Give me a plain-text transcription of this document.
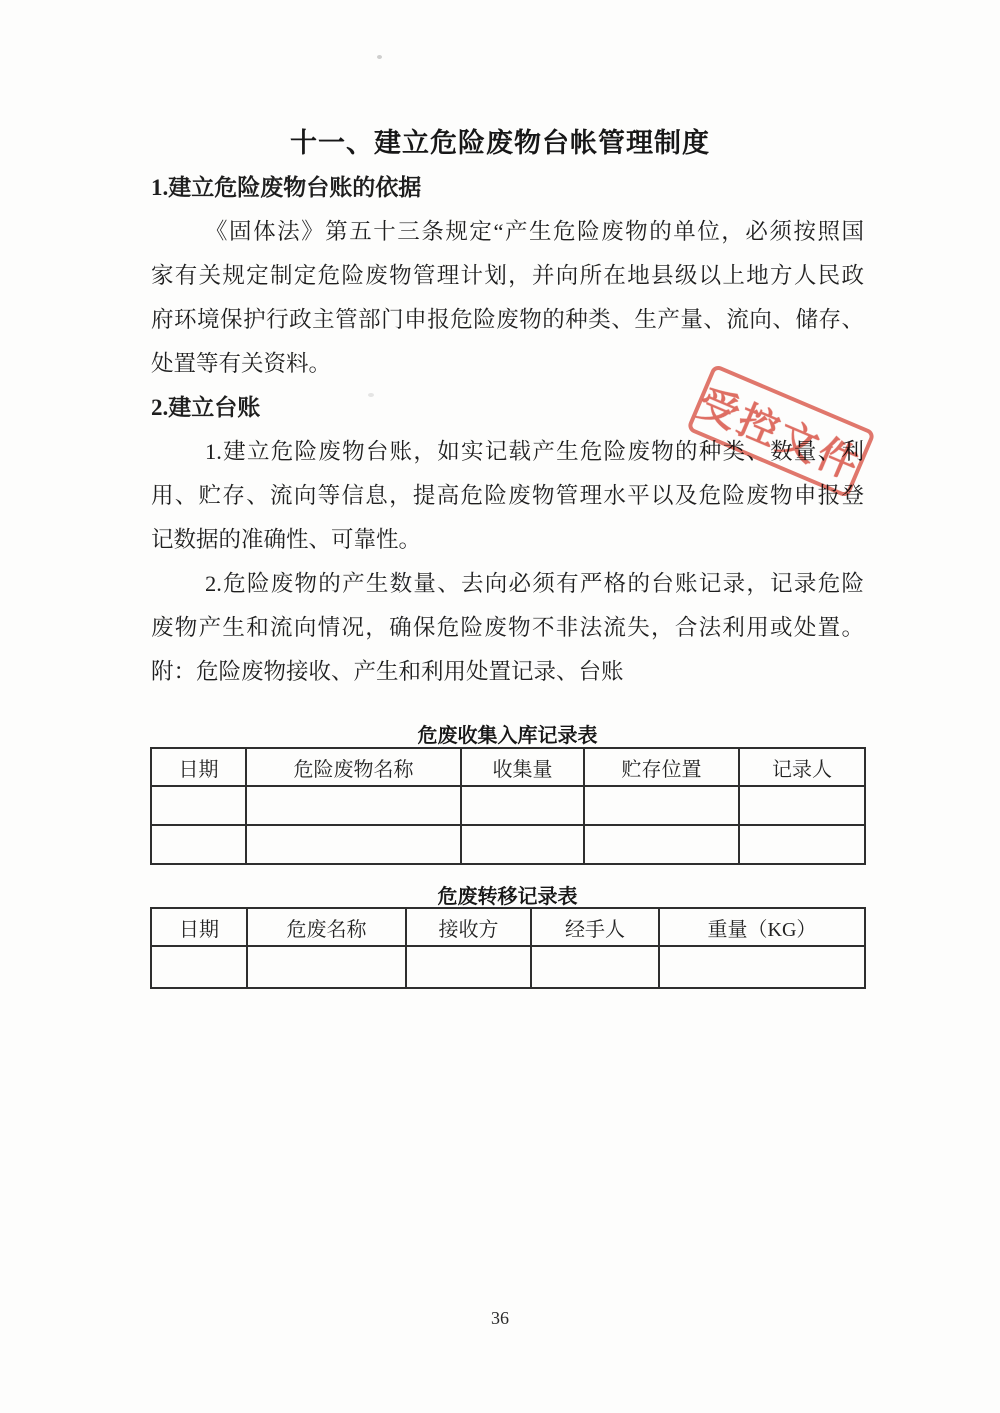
十一、建立危险废物台帐管理制度
受控文件
1.建立危险废物台账的依据
《固体法》第五十三条规定“产生危险废物的单位，必须按照国
家有关规定制定危险废物管理计划，并向所在地县级以上地方人民政
府环境保护行政主管部门申报危险废物的种类、生产量、流向、储存、
处置等有关资料。
2.建立台账
1.建立危险废物台账，如实记载产生危险废物的种类、数量、利
用、贮存、流向等信息，提高危险废物管理水平以及危险废物申报登
记数据的准确性、可靠性。
2.危险废物的产生数量、去向必须有严格的台账记录，记录危险
废物产生和流向情况，确保危险废物不非法流失，合法利用或处置。
附：危险废物接收、产生和利用处置记录、台账
危废收集入库记录表
日期	危险废物名称	收集量	贮存位置	记录人

危废转移记录表
日期	危废名称	接收方	经手人	重量（KG）

36
